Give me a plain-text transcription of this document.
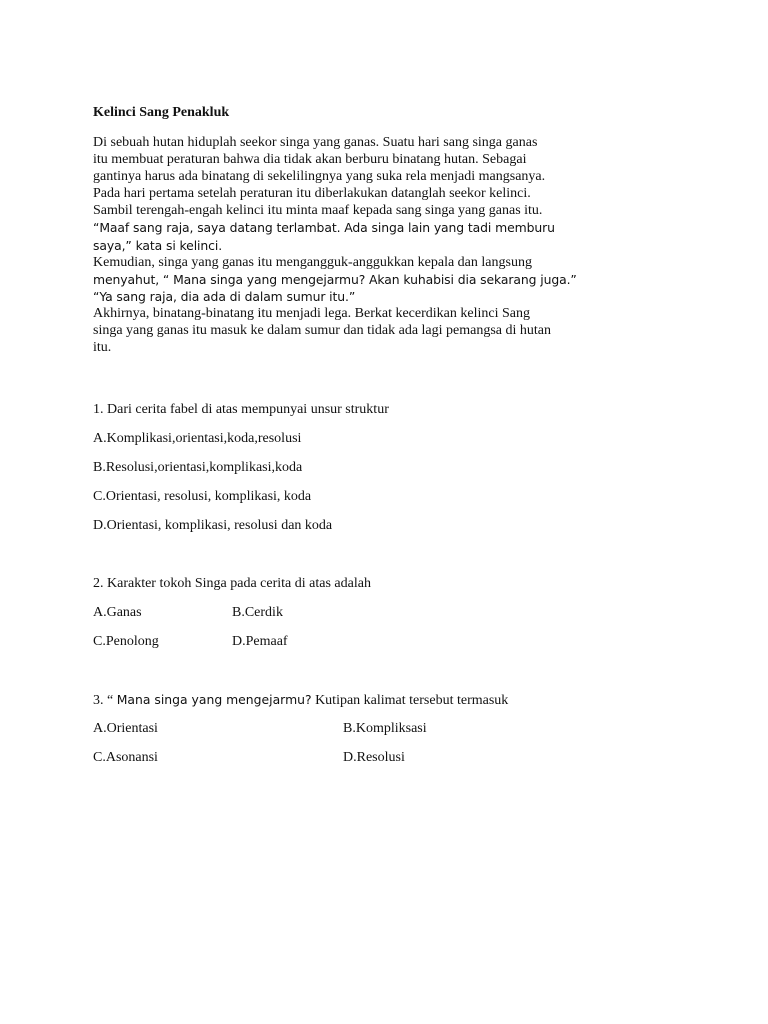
Kelinci Sang Penakluk
Di sebuah hutan hiduplah seekor singa yang ganas. Suatu hari sang singa ganas
itu membuat peraturan bahwa dia tidak akan berburu binatang hutan. Sebagai
gantinya harus ada binatang di sekelilingnya yang suka rela menjadi mangsanya.
Pada hari pertama setelah peraturan itu diberlakukan datanglah seekor kelinci.
Sambil terengah-engah kelinci itu minta maaf kepada sang singa yang ganas itu.
“Maaf sang raja, saya datang terlambat. Ada singa lain yang tadi memburu
saya,” kata si kelinci.
Kemudian, singa yang ganas itu mengangguk-anggukkan kepala dan langsung
menyahut, “ Mana singa yang mengejarmu? Akan kuhabisi dia sekarang juga.”
“Ya sang raja, dia ada di dalam sumur itu.”
Akhirnya, binatang-binatang itu menjadi lega. Berkat kecerdikan kelinci Sang
singa yang ganas itu masuk ke dalam sumur dan tidak ada lagi pemangsa di hutan
itu.
1. Dari cerita fabel di atas mempunyai unsur struktur
A.Komplikasi,orientasi,koda,resolusi
B.Resolusi,orientasi,komplikasi,koda
C.Orientasi, resolusi, komplikasi, koda
D.Orientasi, komplikasi, resolusi dan koda
2. Karakter tokoh Singa pada cerita di atas adalah
A.Ganas	B.Cerdik
C.Penolong	D.Pemaaf
3. “ Mana singa yang mengejarmu? Kutipan kalimat tersebut termasuk
A.Orientasi	B.Kompliksasi
C.Asonansi	D.Resolusi
